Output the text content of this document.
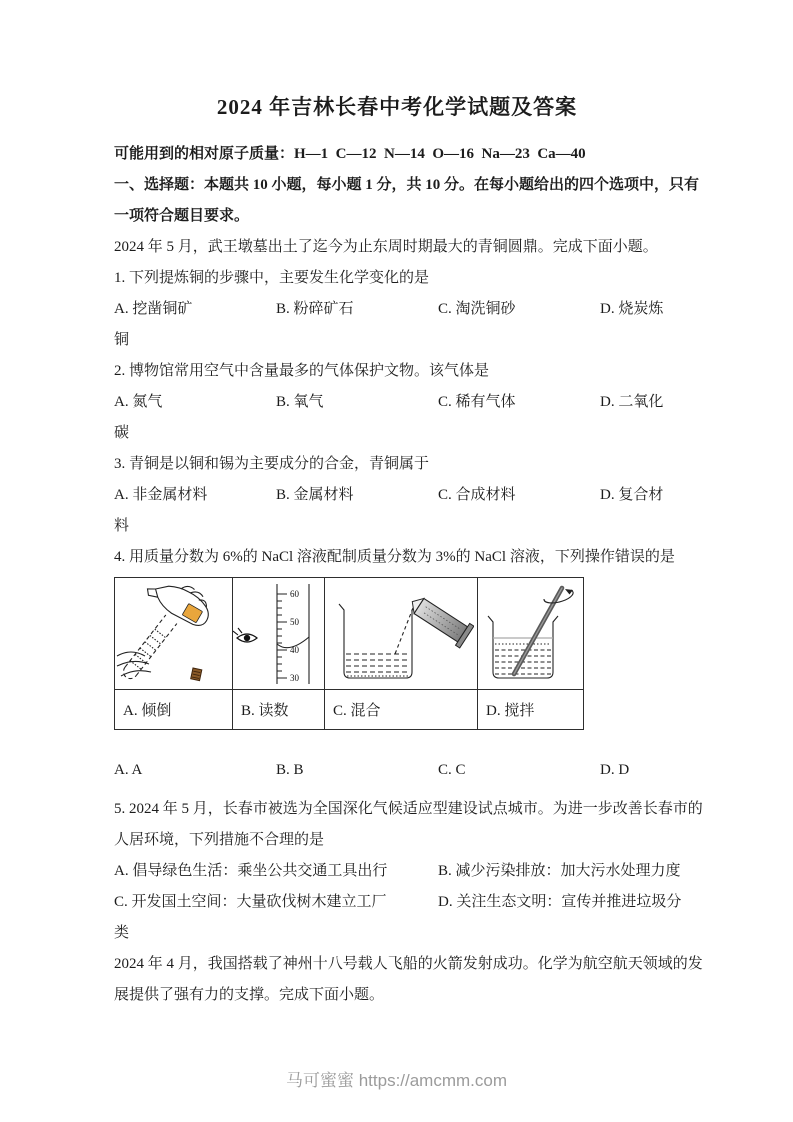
2024 年吉林长春中考化学试题及答案
可能用到的相对原子质量：H—1  C—12  N—14  O—16  Na—23  Ca—40
一、选择题：本题共 10 小题，每小题 1 分，共 10 分。在每小题给出的四个选项中，只有
一项符合题目要求。
2024 年 5 月，武王墩墓出土了迄今为止东周时期最大的青铜圆鼎。完成下面小题。
1. 下列提炼铜的步骤中，主要发生化学变化的是

A. 挖凿铜矿

	B. 粉碎矿石

	C. 淘洗铜砂

	D. 烧炭炼

铜
2. 博物馆常用空气中含量最多的气体保护文物。该气体是

A. 氮气

	B. 氧气

	C. 稀有气体

	D. 二氧化

碳
3. 青铜是以铜和锡为主要成分的合金，青铜属于

A. 非金属材料

	B. 金属材料

	C. 合成材料

	D. 复合材

料
4. 用质量分数为 6%的 NaCl 溶液配制质量分数为 3%的 NaCl 溶液，下列操作错误的是

60
50
40
30

A. 倾倒	B. 读数	C. 混合	D. 搅拌

A. A

	B. B

	C. C

	D. D

5. 2024 年 5 月，长春市被选为全国深化气候适应型建设试点城市。为进一步改善长春市的
人居环境，下列措施不合理的是

A. 倡导绿色生活：乘坐公共交通工具出行

	B. 减少污染排放：加大污水处理力度

C. 开发国土空间：大量砍伐树木建立工厂

	D. 关注生态文明：宣传并推进垃圾分

类
2024 年 4 月，我国搭载了神州十八号载人飞船的火箭发射成功。化学为航空航天领域的发
展提供了强有力的支撑。完成下面小题。
马可蜜蜜 https://amcmm.com
